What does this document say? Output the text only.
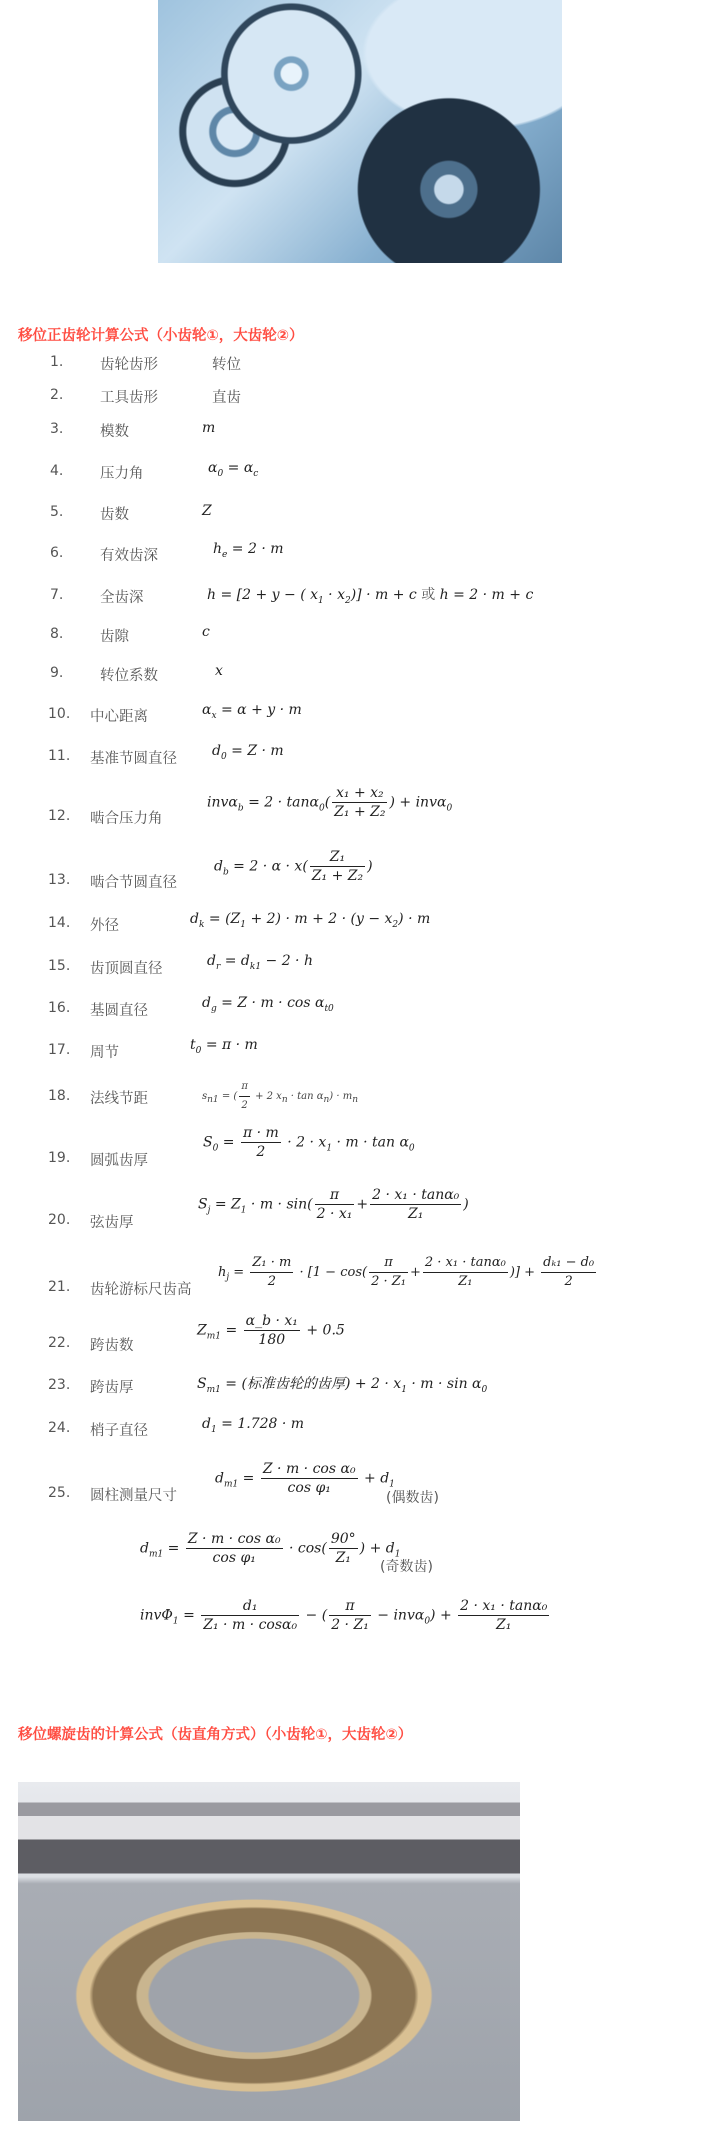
移位正齿轮计算公式（小齿轮①，大齿轮②）
1.	齿轮齿形	转位
2.	工具齿形	直齿
3.	模数	m
4.	压力角	$\alpha_0 = \alpha_c$
5.	齿数	Z
6.	有效齿深	$h_e = 2 \cdot m$
7.	全齿深	h = [2 + y − ( $x_1 \cdot x_2)] \cdot m + c$ 或 h = 2 · m + c
8.	齿隙	c
9.	转位系数	x
10. 中心距离	$\alpha_x = \alpha + y \cdot m$
11. 基准节圆直径	$d_0 = Z \cdot m$
12. 啮合压力角
$inv\alpha_b = 2 \cdot \tan\alpha_0( \frac{\text{x₁ + x₂}}{\text{Z₁ + Z₂}}$ ) + invα$_0$
13. 啮合节圆直径
$d_b = 2 \cdot \alpha \cdot x( \frac{\text{Z₁}}{\text{Z₁ + Z₂}}$ )
14. 外径	$d_k = (Z_1 + 2) \cdot m + 2 \cdot (y - x_2) \cdot m$
15. 齿顶圆直径	$d_r = d_{k1} - 2 \cdot h$
16. 基圆直径	$d_g = Z \cdot m \cdot \cos \alpha_{t0}$
17. 周节	$t_0 = \pi \cdot m$
18. 法线节距	$s_{n1}$ = ( $\frac{\pi}{2} + 2$ $x_n \cdot \tan \alpha_n) \cdot m_n$
19. 圆弧齿厚
$S_0 = \frac{\pi \cdot m}{2} \cdot 2 \cdot x_1 \cdot m \cdot \tan \alpha_0$
20. 弦齿厚
$S_j = Z_1 \cdot m \cdot \sin( \frac{\pi}{\text{2 · x₁}} + \frac{\text{2 · x₁ · tanα₀}}{\text{Z₁}}$ )
21. 齿轮游标尺齿高
$h_j = \frac{\text{Z₁ · m}}{2} \cdot [1 - \cos( \frac{\pi}{\text{2 · Z₁}} + \frac{\text{2 · x₁ · tanα₀}}{\text{Z₁}}$ )] + $\frac{\text{dₖ₁ − d₀}}{2}$
22. 跨齿数
$Z_{m1} = \frac{\text{α\_b · x₁}}{180} + 0.5$
23. 跨齿厚	$S_{m1}$ = (标准齿轮的齿厚) + $2 \cdot x_1 \cdot m \cdot \sin \alpha_0$
24. 梢子直径	$d_1 = 1.728 \cdot m$
25. 圆柱测量尺寸
$d_{m1} = \frac{\text{Z · m · cos α₀}}{\text{cos φ₁}} + d_1$
(偶数齿)
$d_{m1} = \frac{\text{Z · m · cos α₀}}{\text{cos φ₁}} \cdot \cos( \frac{90^\circ}{\text{Z₁}}$ ) + $d_1$
(奇数齿)
$inv\Phi_1 = \frac{\text{d₁}}{\text{Z₁ · m · cosα₀}}$ − ( $\frac{\pi}{\text{2 · Z₁}} - inv\alpha_0) + \frac{\text{2 · x₁ · tanα₀}}{\text{Z₁}}$
移位螺旋齿的计算公式（齿直角方式）（小齿轮①，大齿轮②）
